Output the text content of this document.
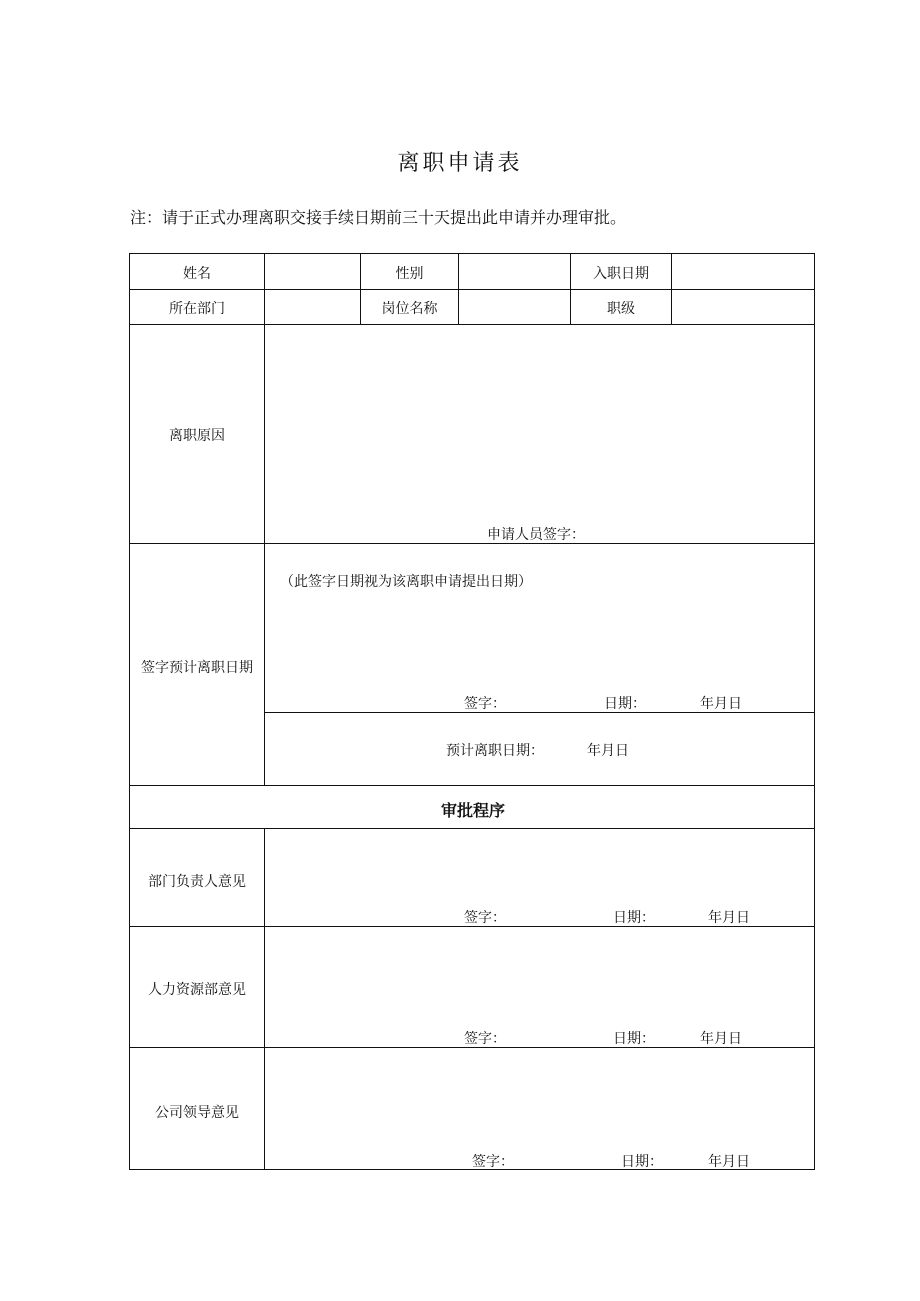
离职申请表
注：请于正式办理离职交接手续日期前三十天提出此申请并办理审批。
姓名	性别	入职日期
所在部门	岗位名称	职级
离职原因
申请人员签字：
签字预计离职日期
（此签字日期视为该离职申请提出日期）
签字：	日期：	年月日
预计离职日期：	年月日
审批程序
部门负责人意见
签字：	日期：	年月日
人力资源部意见
签字：	日期：	年月日
公司领导意见
签字：	日期：	年月日
